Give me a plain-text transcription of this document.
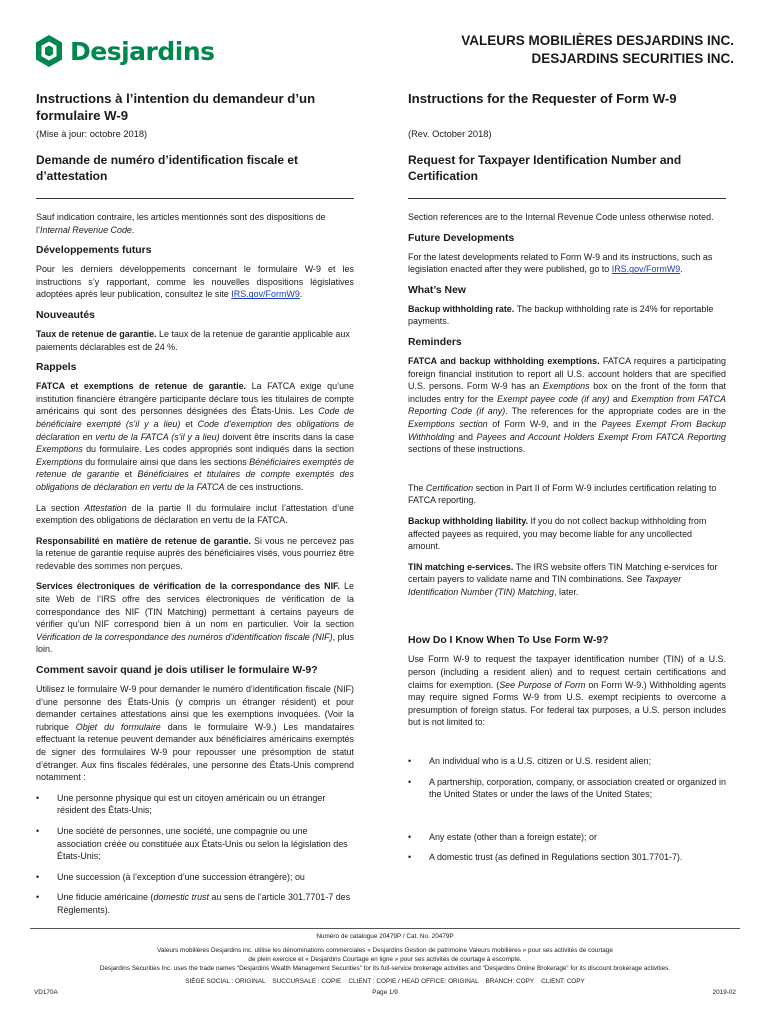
Desjardins	VALEURS MOBILIÈRES DESJARDINS INC.
DESJARDINS SECURITIES INC.
Instructions à l’intention du demandeur d’un formulaire W-9
(Mise à jour: octobre 2018)
Demande de numéro d’identification fiscale et d’attestation

Sauf indication contraire, les articles mentionnés sont des dispositions de l’Internal Revenue Code.

Développements futurs

Pour les derniers développements concernant le formulaire W-9 et les instructions s’y rapportant, comme les nouvelles dispositions législatives adoptées après leur publication, consultez le site IRS.gov/FormW9.

Nouveautés

Taux de retenue de garantie. Le taux de la retenue de garantie applicable aux paiements déclarables est de 24 %.

Rappels

FATCA et exemptions de retenue de garantie. La FATCA exige qu’une institution financière étrangère participante déclare tous les titulaires de compte américains qui sont des personnes désignées des États-Unis. Les Code de bénéficiaire exempté (s’il y a lieu) et Code d’exemption des obligations de déclaration en vertu de la FATCA (s’il y a lieu) doivent être inscrits dans la case Exemptions du formulaire. Les codes appropriés sont indiqués dans la section Exemptions du formulaire ainsi que dans les sections Bénéficiaires exemptés de retenue de garantie et Bénéficiaires et titulaires de compte exemptés des obligations de déclaration en vertu de la FATCA de ces instructions.

La section Attestation de la partie II du formulaire inclut l’attestation d’une exemption des obligations de déclaration en vertu de la FATCA.

Responsabilité en matière de retenue de garantie. Si vous ne percevez pas la retenue de garantie requise auprès des bénéficiaires visés, vous pourriez être redevable des sommes non perçues.

Services électroniques de vérification de la correspondance des NIF. Le site Web de l’IRS offre des services électroniques de vérification de la correspondance des NIF (TIN Matching) permettant à certains payeurs de vérifier qu’un NIF correspond bien à un nom en particulier. Voir la section Vérification de la correspondance des numéros d’identification fiscale (NIF), plus loin.

Comment savoir quand je dois utiliser le formulaire W-9?

Utilisez le formulaire W-9 pour demander le numéro d’identification fiscale (NIF) d’une personne des États-Unis (y compris un étranger résident) et pour demander certaines attestations ainsi que les exemptions invoquées. (Voir la rubrique Objet du formulaire dans le formulaire W-9.) Les mandataires effectuant la retenue peuvent demander aux bénéficiaires américains exemptés de signer des formulaires W-9 pour repousser une présomption de statut d’étranger. Aux fins fiscales fédérales, une personne des États-Unis comprend notamment :

• Une personne physique qui est un citoyen américain ou un étranger résident des États-Unis;
• Une société de personnes, une société, une compagnie ou une association créée ou constituée aux États-Unis ou selon la législation des États-Unis;
• Une succession (à l’exception d’une succession étrangère); ou
• Une fiducie américaine (domestic trust au sens de l’article 301.7701-7 des Règlements).
Instructions for the Requester of Form W-9
(Rev. October 2018)
Request for Taxpayer Identification Number and Certification

Section references are to the Internal Revenue Code unless otherwise noted.

Future Developments

For the latest developments related to Form W-9 and its instructions, such as legislation enacted after they were published, go to IRS.gov/FormW9.

What’s New

Backup withholding rate. The backup withholding rate is 24% for reportable payments.

Reminders

FATCA and backup withholding exemptions. FATCA requires a participating foreign financial institution to report all U.S. account holders that are specified U.S. persons. Form W-9 has an Exemptions box on the front of the form that includes entry for the Exempt payee code (if any) and Exemption from FATCA Reporting Code (if any). The references for the appropriate codes are in the Exemptions section of Form W-9, and in the Payees Exempt From Backup Withholding and Payees and Account Holders Exempt From FATCA Reporting sections of these instructions.

The Certification section in Part II of Form W-9 includes certification relating to FATCA reporting.

Backup withholding liability. If you do not collect backup withholding from affected payees as required, you may become liable for any uncollected amount.

TIN matching e-services. The IRS website offers TIN Matching e-services for certain payers to validate name and TIN combinations. See Taxpayer Identification Number (TIN) Matching, later.

How Do I Know When To Use Form W-9?

Use Form W-9 to request the taxpayer identification number (TIN) of a U.S. person (including a resident alien) and to request certain certifications and claims for exemption. (See Purpose of Form on Form W-9.) Withholding agents may require signed Forms W-9 from U.S. exempt recipients to overcome a presumption of foreign status. For federal tax purposes, a U.S. person includes but is not limited to:

• An individual who is a U.S. citizen or U.S. resident alien;
• A partnership, corporation, company, or association created or organized in the United States or under the laws of the United States;
• Any estate (other than a foreign estate); or
• A domestic trust (as defined in Regulations section 301.7701-7).
Numéro de catalogue 20479P / Cat. No. 20479P
Valeurs mobilières Desjardins inc. utilise les dénominations commerciales « Desjardins Gestion de patrimoine Valeurs mobilières » pour ses activités de courtage
de plein exercice et « Desjardins Courtage en ligne » pour ses activités de courtage à escompte.
Desjardins Securities Inc. uses the trade names “Desjardins Wealth Management Securities” for its full-service brokerage activities and “Desjardins Online Brokerage” for its discount brokerage activities.
SIÈGE SOCIAL : ORIGINAL    SUCCURSALE : COPIE    CLIENT : COPIE / HEAD OFFICE: ORIGINAL    BRANCH: COPY    CLIENT: COPY
VD170A	Page 1/9	2019-02
